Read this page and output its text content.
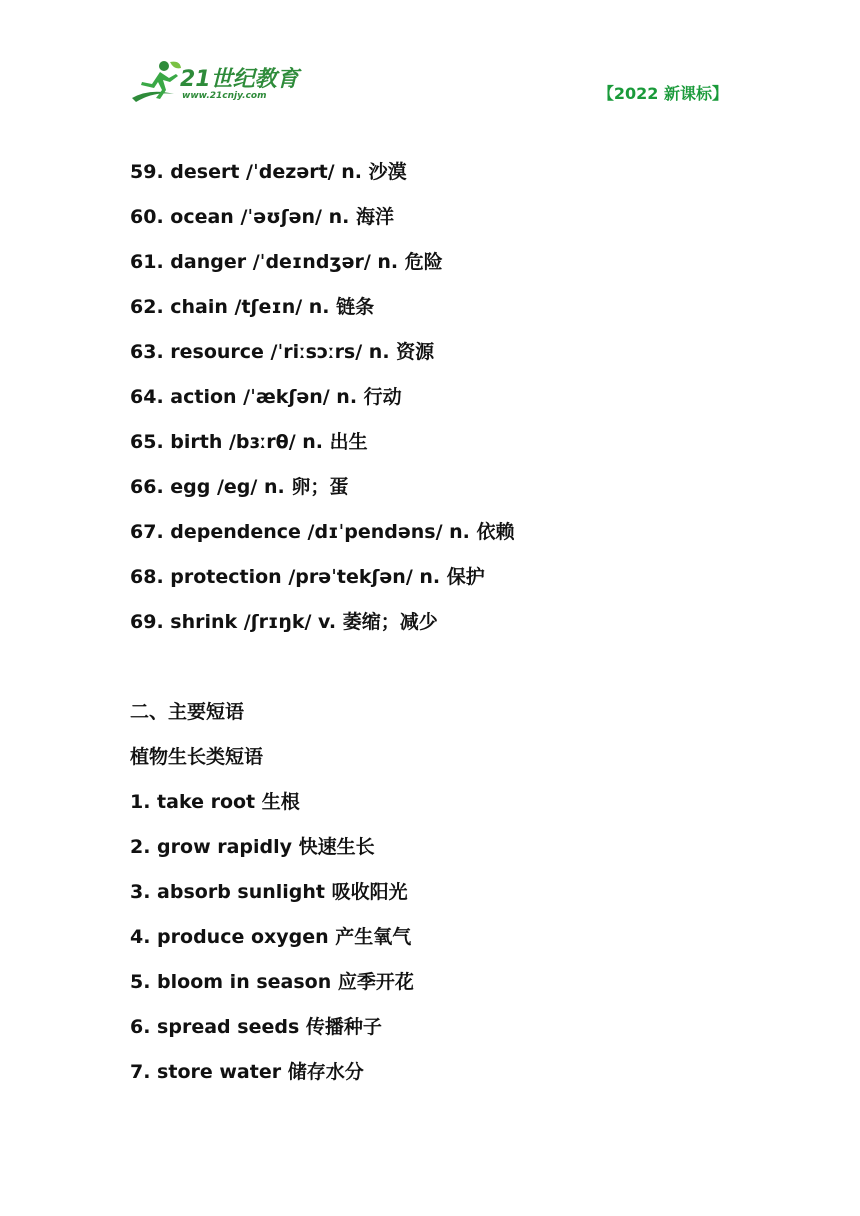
21世纪教育
www.21cnjy.com	【2022 新课标】
59. desert /ˈdezərt/ n. 沙漠
60. ocean /ˈəʊʃən/ n. 海洋
61. danger /ˈdeɪndʒər/ n. 危险
62. chain /tʃeɪn/ n. 链条
63. resource /ˈriːsɔːrs/ n. 资源
64. action /ˈækʃən/ n. 行动
65. birth /bɜːrθ/ n. 出生
66. egg /eg/ n. 卵；蛋
67. dependence /dɪˈpendəns/ n. 依赖
68. protection /prəˈtekʃən/ n. 保护
69. shrink /ʃrɪŋk/ v. 萎缩；减少
二、主要短语
植物生长类短语
1. take root 生根
2. grow rapidly 快速生长
3. absorb sunlight 吸收阳光
4. produce oxygen 产生氧气
5. bloom in season 应季开花
6. spread seeds 传播种子
7. store water 储存水分
